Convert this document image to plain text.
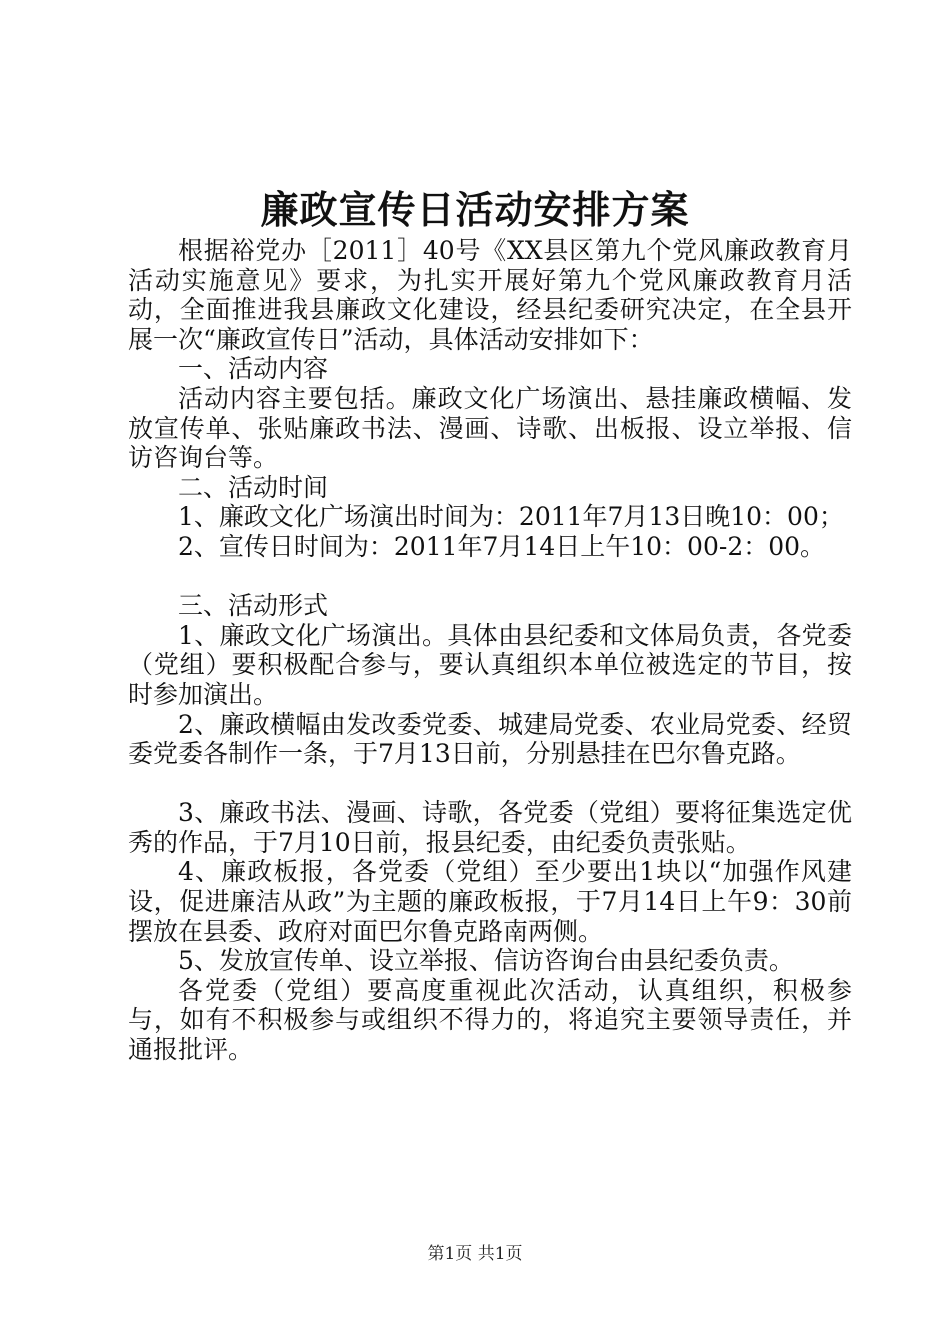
廉政宣传日活动安排方案

根据裕党办［2011］40号《XX县区第九个党风廉政教育月活动实施意见》要求，为扎实开展好第九个党风廉政教育月活动，全面推进我县廉政文化建设，经县纪委研究决定，在全县开展一次“廉政宣传日”活动，具体活动安排如下：

一、活动内容

活动内容主要包括。廉政文化广场演出、悬挂廉政横幅、发放宣传单、张贴廉政书法、漫画、诗歌、出板报、设立举报、信访咨询台等。

二、活动时间

1、廉政文化广场演出时间为：2011年7月13日晚10：00；

2、宣传日时间为：2011年7月14日上午10：00-2：00。

三、活动形式

1、廉政文化广场演出。具体由县纪委和文体局负责，各党委（党组）要积极配合参与，要认真组织本单位被选定的节目，按时参加演出。

2、廉政横幅由发改委党委、城建局党委、农业局党委、经贸委党委各制作一条，于7月13日前，分别悬挂在巴尔鲁克路。

3、廉政书法、漫画、诗歌，各党委（党组）要将征集选定优秀的作品，于7月10日前，报县纪委，由纪委负责张贴。

4、廉政板报，各党委（党组）至少要出1块以“加强作风建设，促进廉洁从政”为主题的廉政板报，于7月14日上午9：30前摆放在县委、政府对面巴尔鲁克路南两侧。

5、发放宣传单、设立举报、信访咨询台由县纪委负责。

各党委（党组）要高度重视此次活动，认真组织，积极参与，如有不积极参与或组织不得力的，将追究主要领导责任，并通报批评。

第1页 共1页
